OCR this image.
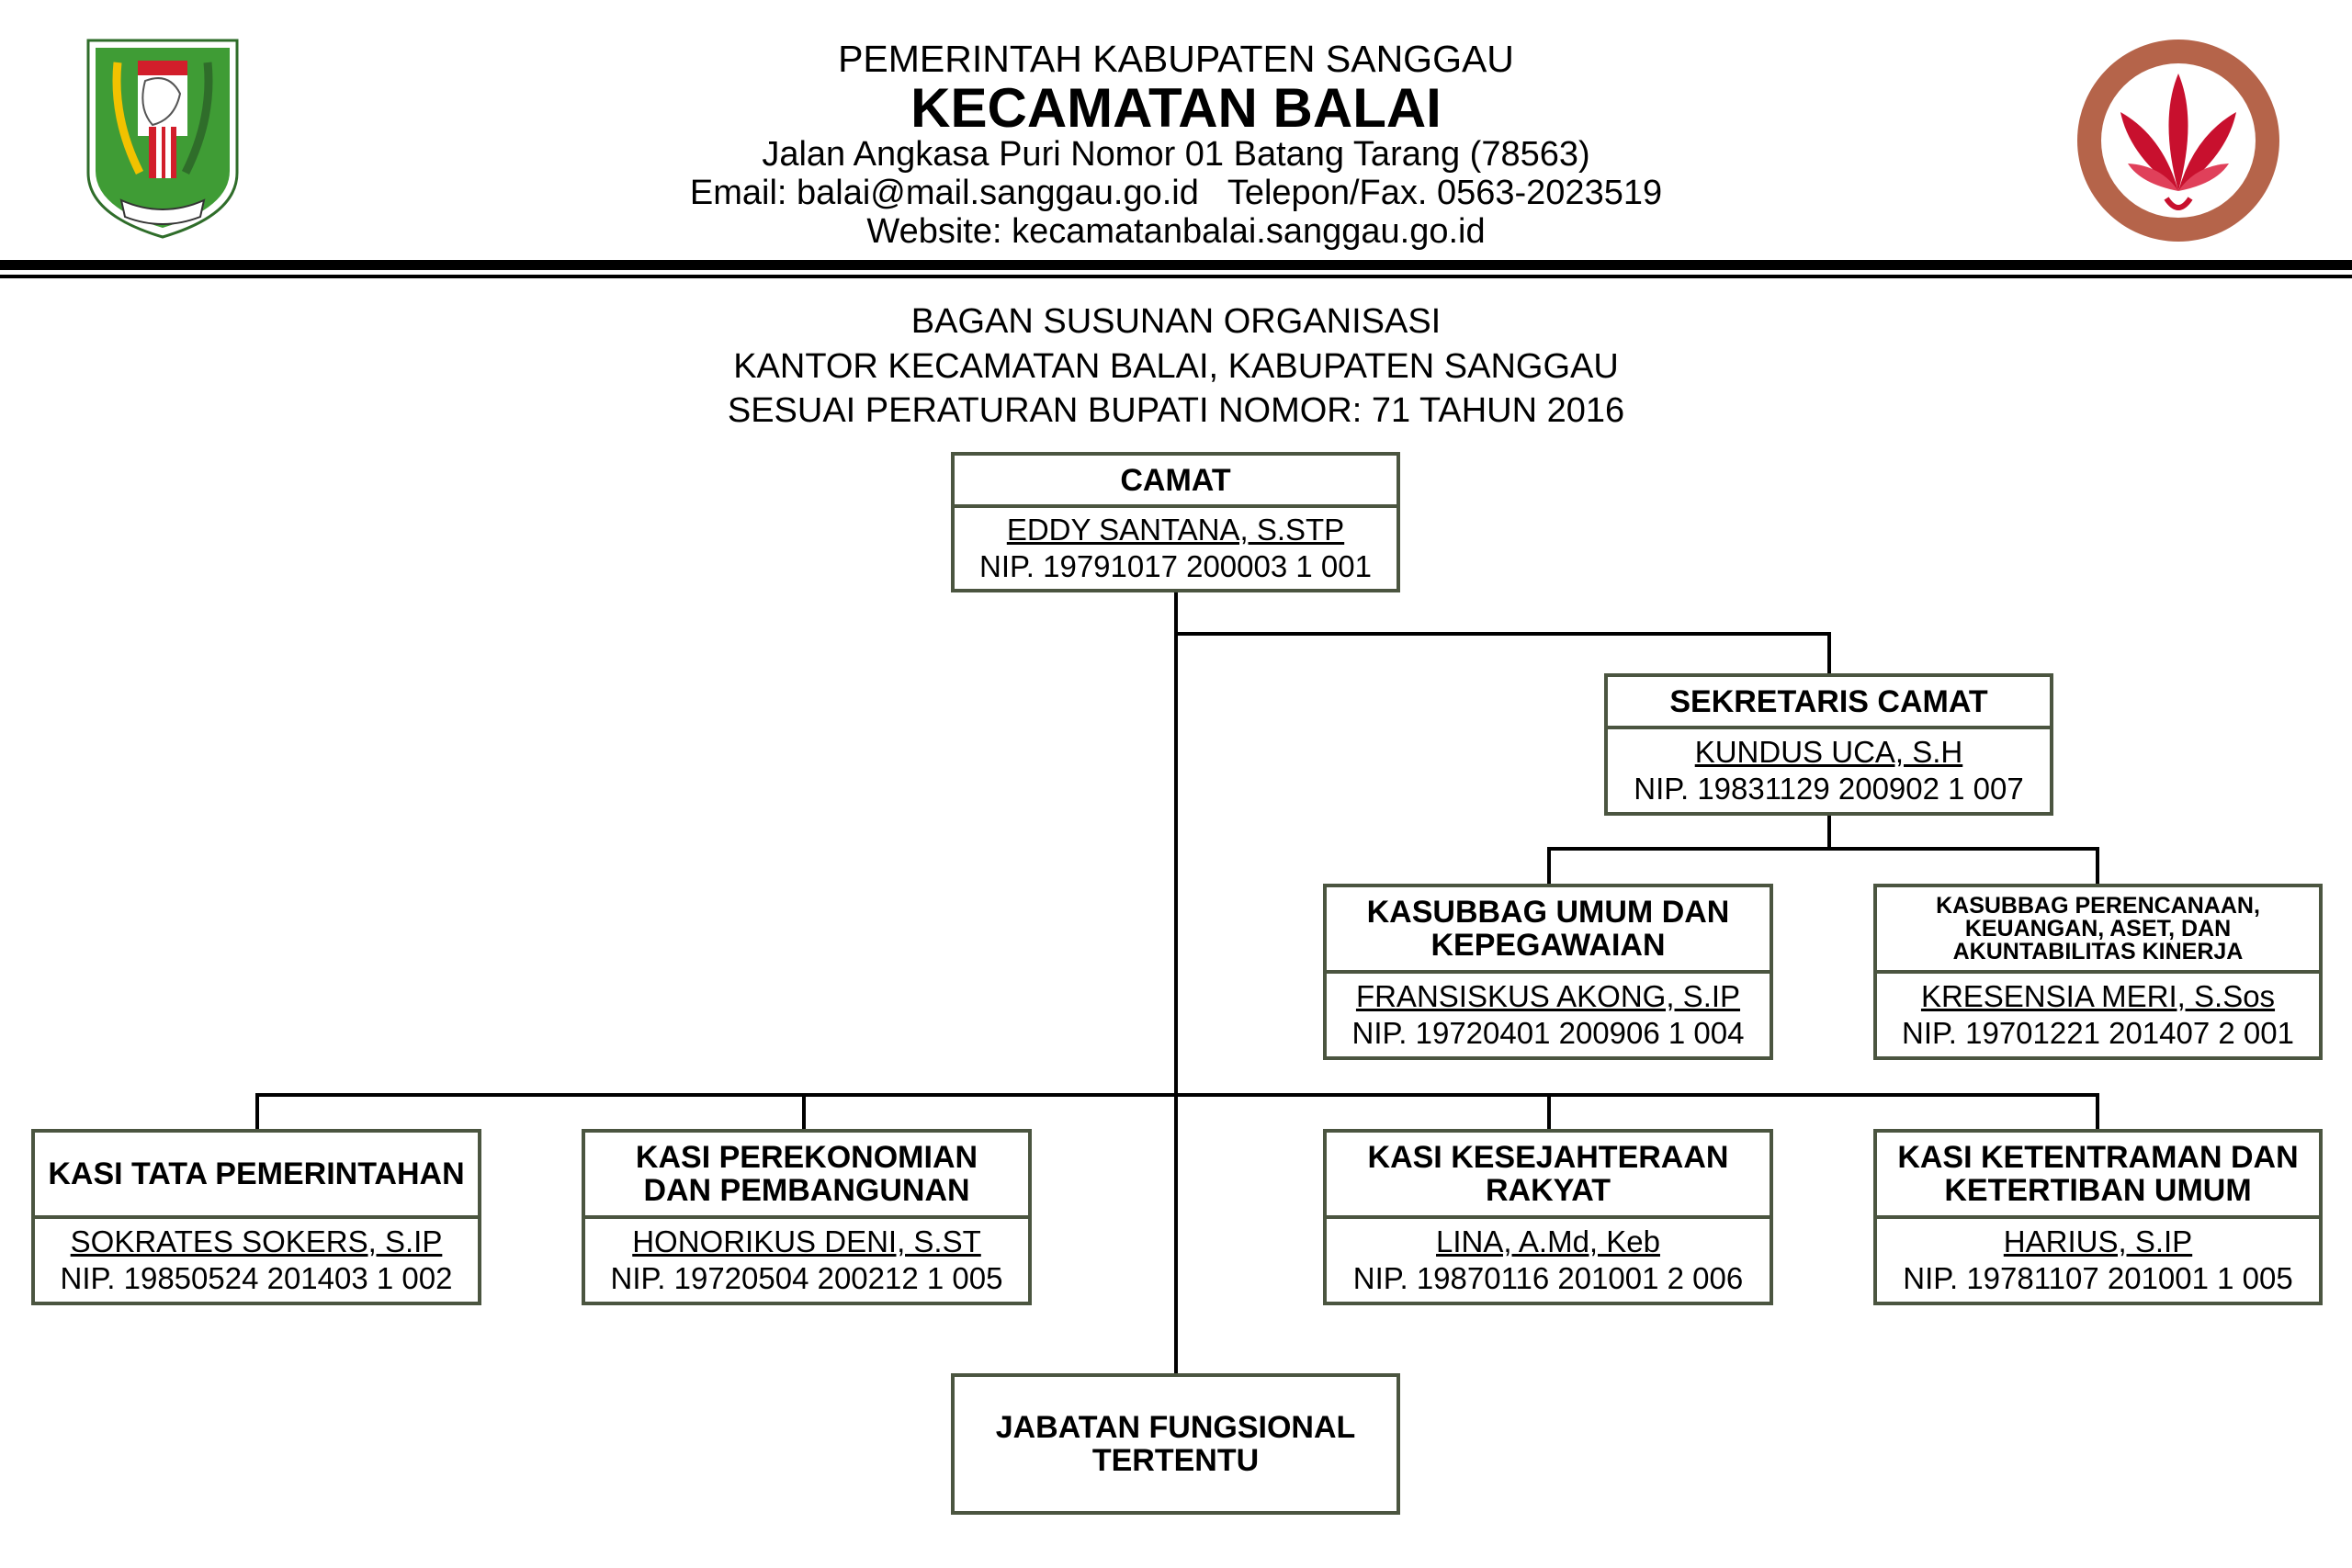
PEMERINTAH KABUPATEN SANGGAU
KECAMATAN BALAI
Jalan Angkasa Puri Nomor 01 Batang Tarang (78563)
Email: balai@mail.sanggau.go.id   Telepon/Fax. 0563-2023519
Website: kecamatanbalai.sanggau.go.id
BAGAN SUSUNAN ORGANISASI
KANTOR KECAMATAN BALAI, KABUPATEN SANGGAU
SESUAI PERATURAN BUPATI NOMOR: 71 TAHUN 2016
CAMAT
EDDY SANTANA, S.STP
NIP. 19791017 200003 1 001
SEKRETARIS CAMAT
KUNDUS UCA, S.H
NIP. 19831129 200902 1 007
KASUBBAG UMUM DAN
KEPEGAWAIAN
FRANSISKUS AKONG, S.IP
NIP. 19720401 200906 1 004
KASUBBAG PERENCANAAN,
KEUANGAN, ASET, DAN
AKUNTABILITAS KINERJA
KRESENSIA MERI, S.Sos
NIP. 19701221 201407 2 001
KASI TATA PEMERINTAHAN
SOKRATES SOKERS, S.IP
NIP. 19850524 201403 1 002
KASI PEREKONOMIAN
DAN PEMBANGUNAN
HONORIKUS DENI, S.ST
NIP. 19720504 200212 1 005
KASI KESEJAHTERAAN
RAKYAT
LINA, A.Md, Keb
NIP. 19870116 201001 2 006
KASI KETENTRAMAN DAN
KETERTIBAN UMUM
HARIUS, S.IP
NIP. 19781107 201001 1 005
JABATAN FUNGSIONAL
TERTENTU
